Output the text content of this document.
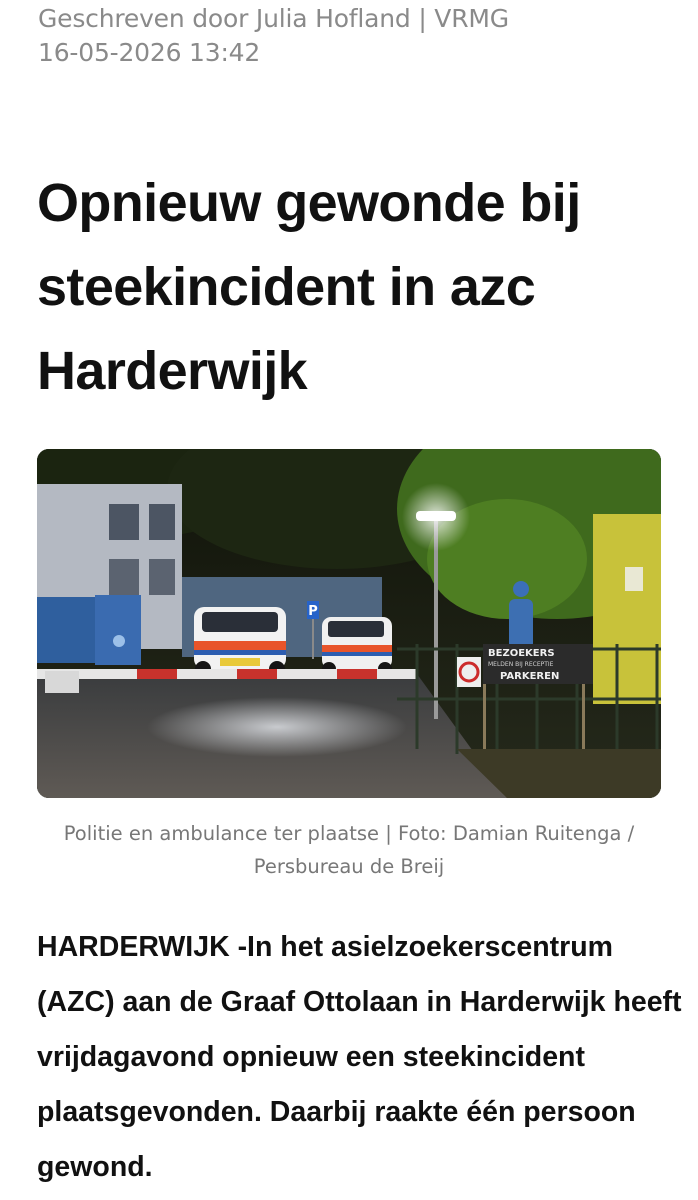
Geschreven door Julia Hofland | VRMG
16-05-2026 13:42
Opnieuw gewonde bij
steekincident in azc
Harderwijk
P
BEZOEKERS
MELDEN BIJ RECEPTIE
PARKEREN
Politie en ambulance ter plaatse | Foto: Damian Ruitenga /
Persbureau de Breij
HARDERWIJK -In het asielzoekerscentrum
(AZC) aan de Graaf Ottolaan in Harderwijk heeft
vrijdagavond opnieuw een steekincident
plaatsgevonden. Daarbij raakte één persoon
gewond.
